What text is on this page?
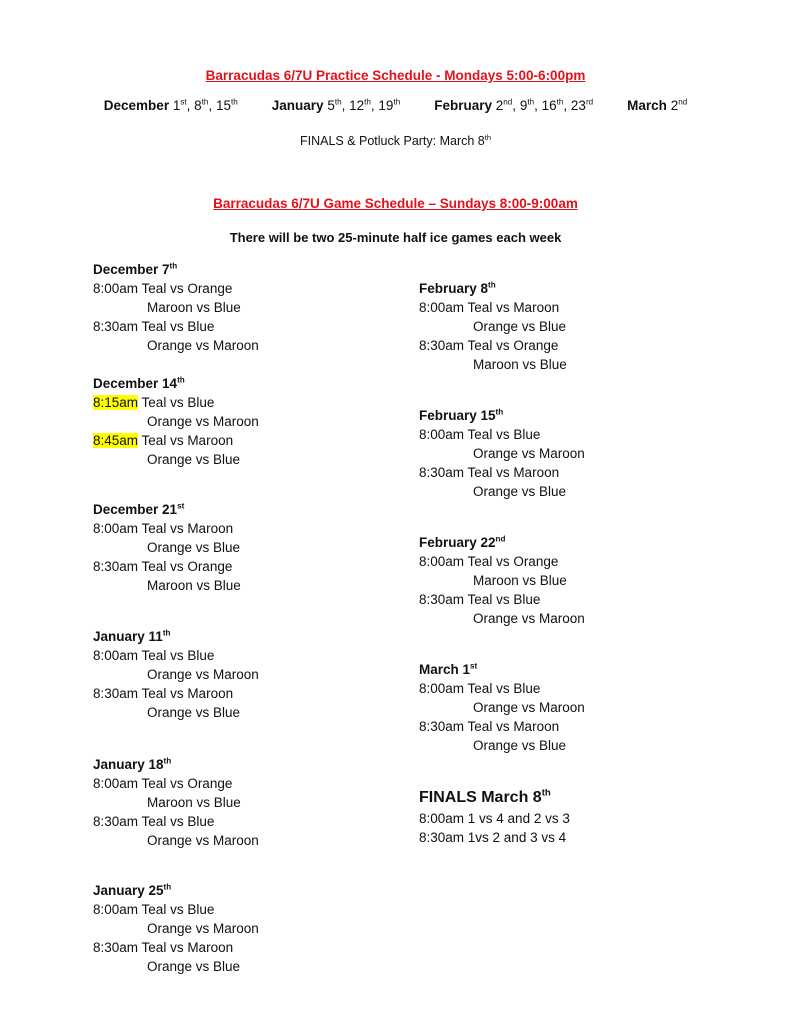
Barracudas 6/7U Practice Schedule - Mondays 5:00-6:00pm
December 1st, 8th, 15th	January 5th, 12th, 19th	February 2nd, 9th, 16th, 23rd	March 2nd
FINALS & Potluck Party: March 8th
Barracudas 6/7U Game Schedule – Sundays 8:00-9:00am
There will be two 25-minute half ice games each week
December 7th
8:00am Teal vs Orange
Maroon vs Blue
8:30am Teal vs Blue
Orange vs Maroon
December 14th
8:15am Teal vs Blue
Orange vs Maroon
8:45am Teal vs Maroon
Orange vs Blue
December 21st
8:00am Teal vs Maroon
Orange vs Blue
8:30am Teal vs Orange
Maroon vs Blue
January 11th
8:00am Teal vs Blue
Orange vs Maroon
8:30am Teal vs Maroon
Orange vs Blue
January 18th
8:00am Teal vs Orange
Maroon vs Blue
8:30am Teal vs Blue
Orange vs Maroon
January 25th
8:00am Teal vs Blue
Orange vs Maroon
8:30am Teal vs Maroon
Orange vs Blue
February 8th
8:00am Teal vs Maroon
Orange vs Blue
8:30am Teal vs Orange
Maroon vs Blue
February 15th
8:00am Teal vs Blue
Orange vs Maroon
8:30am Teal vs Maroon
Orange vs Blue
February 22nd
8:00am Teal vs Orange
Maroon vs Blue
8:30am Teal vs Blue
Orange vs Maroon
March 1st
8:00am Teal vs Blue
Orange vs Maroon
8:30am Teal vs Maroon
Orange vs Blue
FINALS March 8th
8:00am 1 vs 4 and 2 vs 3
8:30am 1vs 2 and 3 vs 4
